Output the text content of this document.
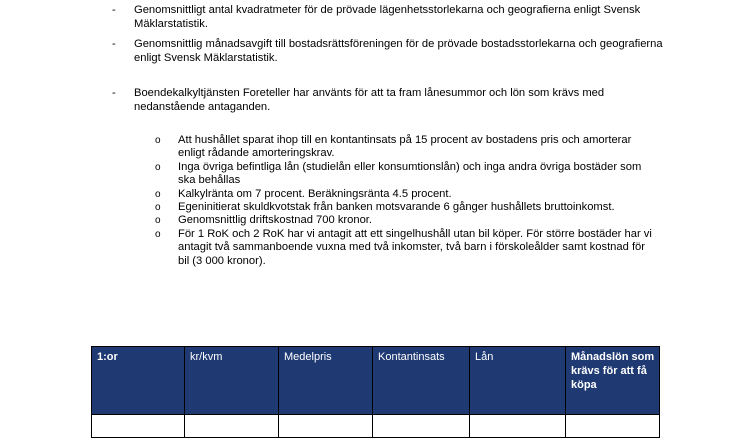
- Genomsnittligt antal kvadratmeter för de prövade lägenhetsstorlekarna och geografierna enligt Svensk Mäklarstatistik.
- Genomsnittlig månadsavgift till bostadsrättsföreningen för de prövade bostadsstorlekarna och geografierna enligt Svensk Mäklarstatistik.
- Boendekalkyltjänsten Foreteller har använts för att ta fram lånesummor och lön som krävs med nedanstående antaganden.
o	Att hushållet sparat ihop till en kontantinsats på 15 procent av bostadens pris och amorterar enligt rådande amorteringskrav.
o	Inga övriga befintliga lån (studielån eller konsumtionslån) och inga andra övriga bostäder som ska behållas
o	Kalkylränta om 7 procent. Beräkningsränta 4.5 procent.
o	Egeninitierat skuldkvotstak från banken motsvarande 6 gånger hushållets bruttoinkomst.
o	Genomsnittlig driftskostnad 700 kronor.
o	För 1 RoK och 2 RoK har vi antagit att ett singelhushåll utan bil köper. För större bostäder har vi antagit två sammanboende vuxna med två inkomster, två barn i förskoleålder samt kostnad för bil (3 000 kronor).
1:or	kr/kvm	Medelpris	Kontantinsats	Lån	Månadslön som krävs för att få köpa
